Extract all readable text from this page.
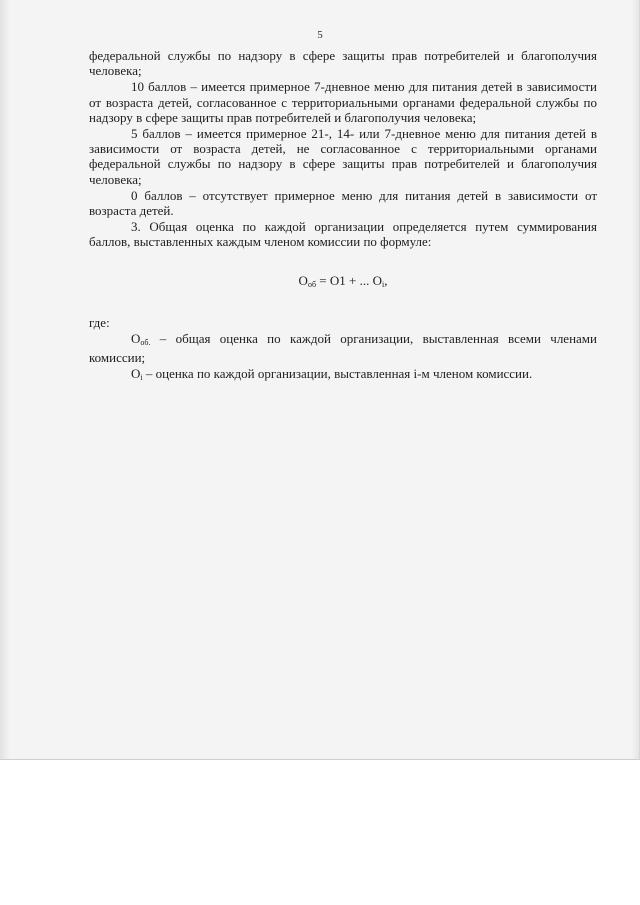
5

федеральной службы по надзору в сфере защиты прав потребителей и благополучия человека;

10 баллов – имеется примерное 7-дневное меню для питания детей в зависимости от возраста детей, согласованное с территориальными органами федеральной службы по надзору в сфере защиты прав потребителей и благополучия человека;

5 баллов – имеется примерное 21-, 14- или 7-дневное меню для питания детей в зависимости от возраста детей, не согласованное с территориальными органами федеральной службы по надзору в сфере защиты прав потребителей и благополучия человека;

0 баллов – отсутствует примерное меню для питания детей в зависимости от возраста детей.

3. Общая оценка по каждой организации определяется путем суммирования баллов, выставленных каждым членом комиссии по формуле:

$О_{об} = О1$ + ... $О_i$,

где:

$О_{об.}$ – общая оценка по каждой организации, выставленная всеми членами комиссии;

$О_i$ – оценка по каждой организации, выставленная i-м членом комиссии.
